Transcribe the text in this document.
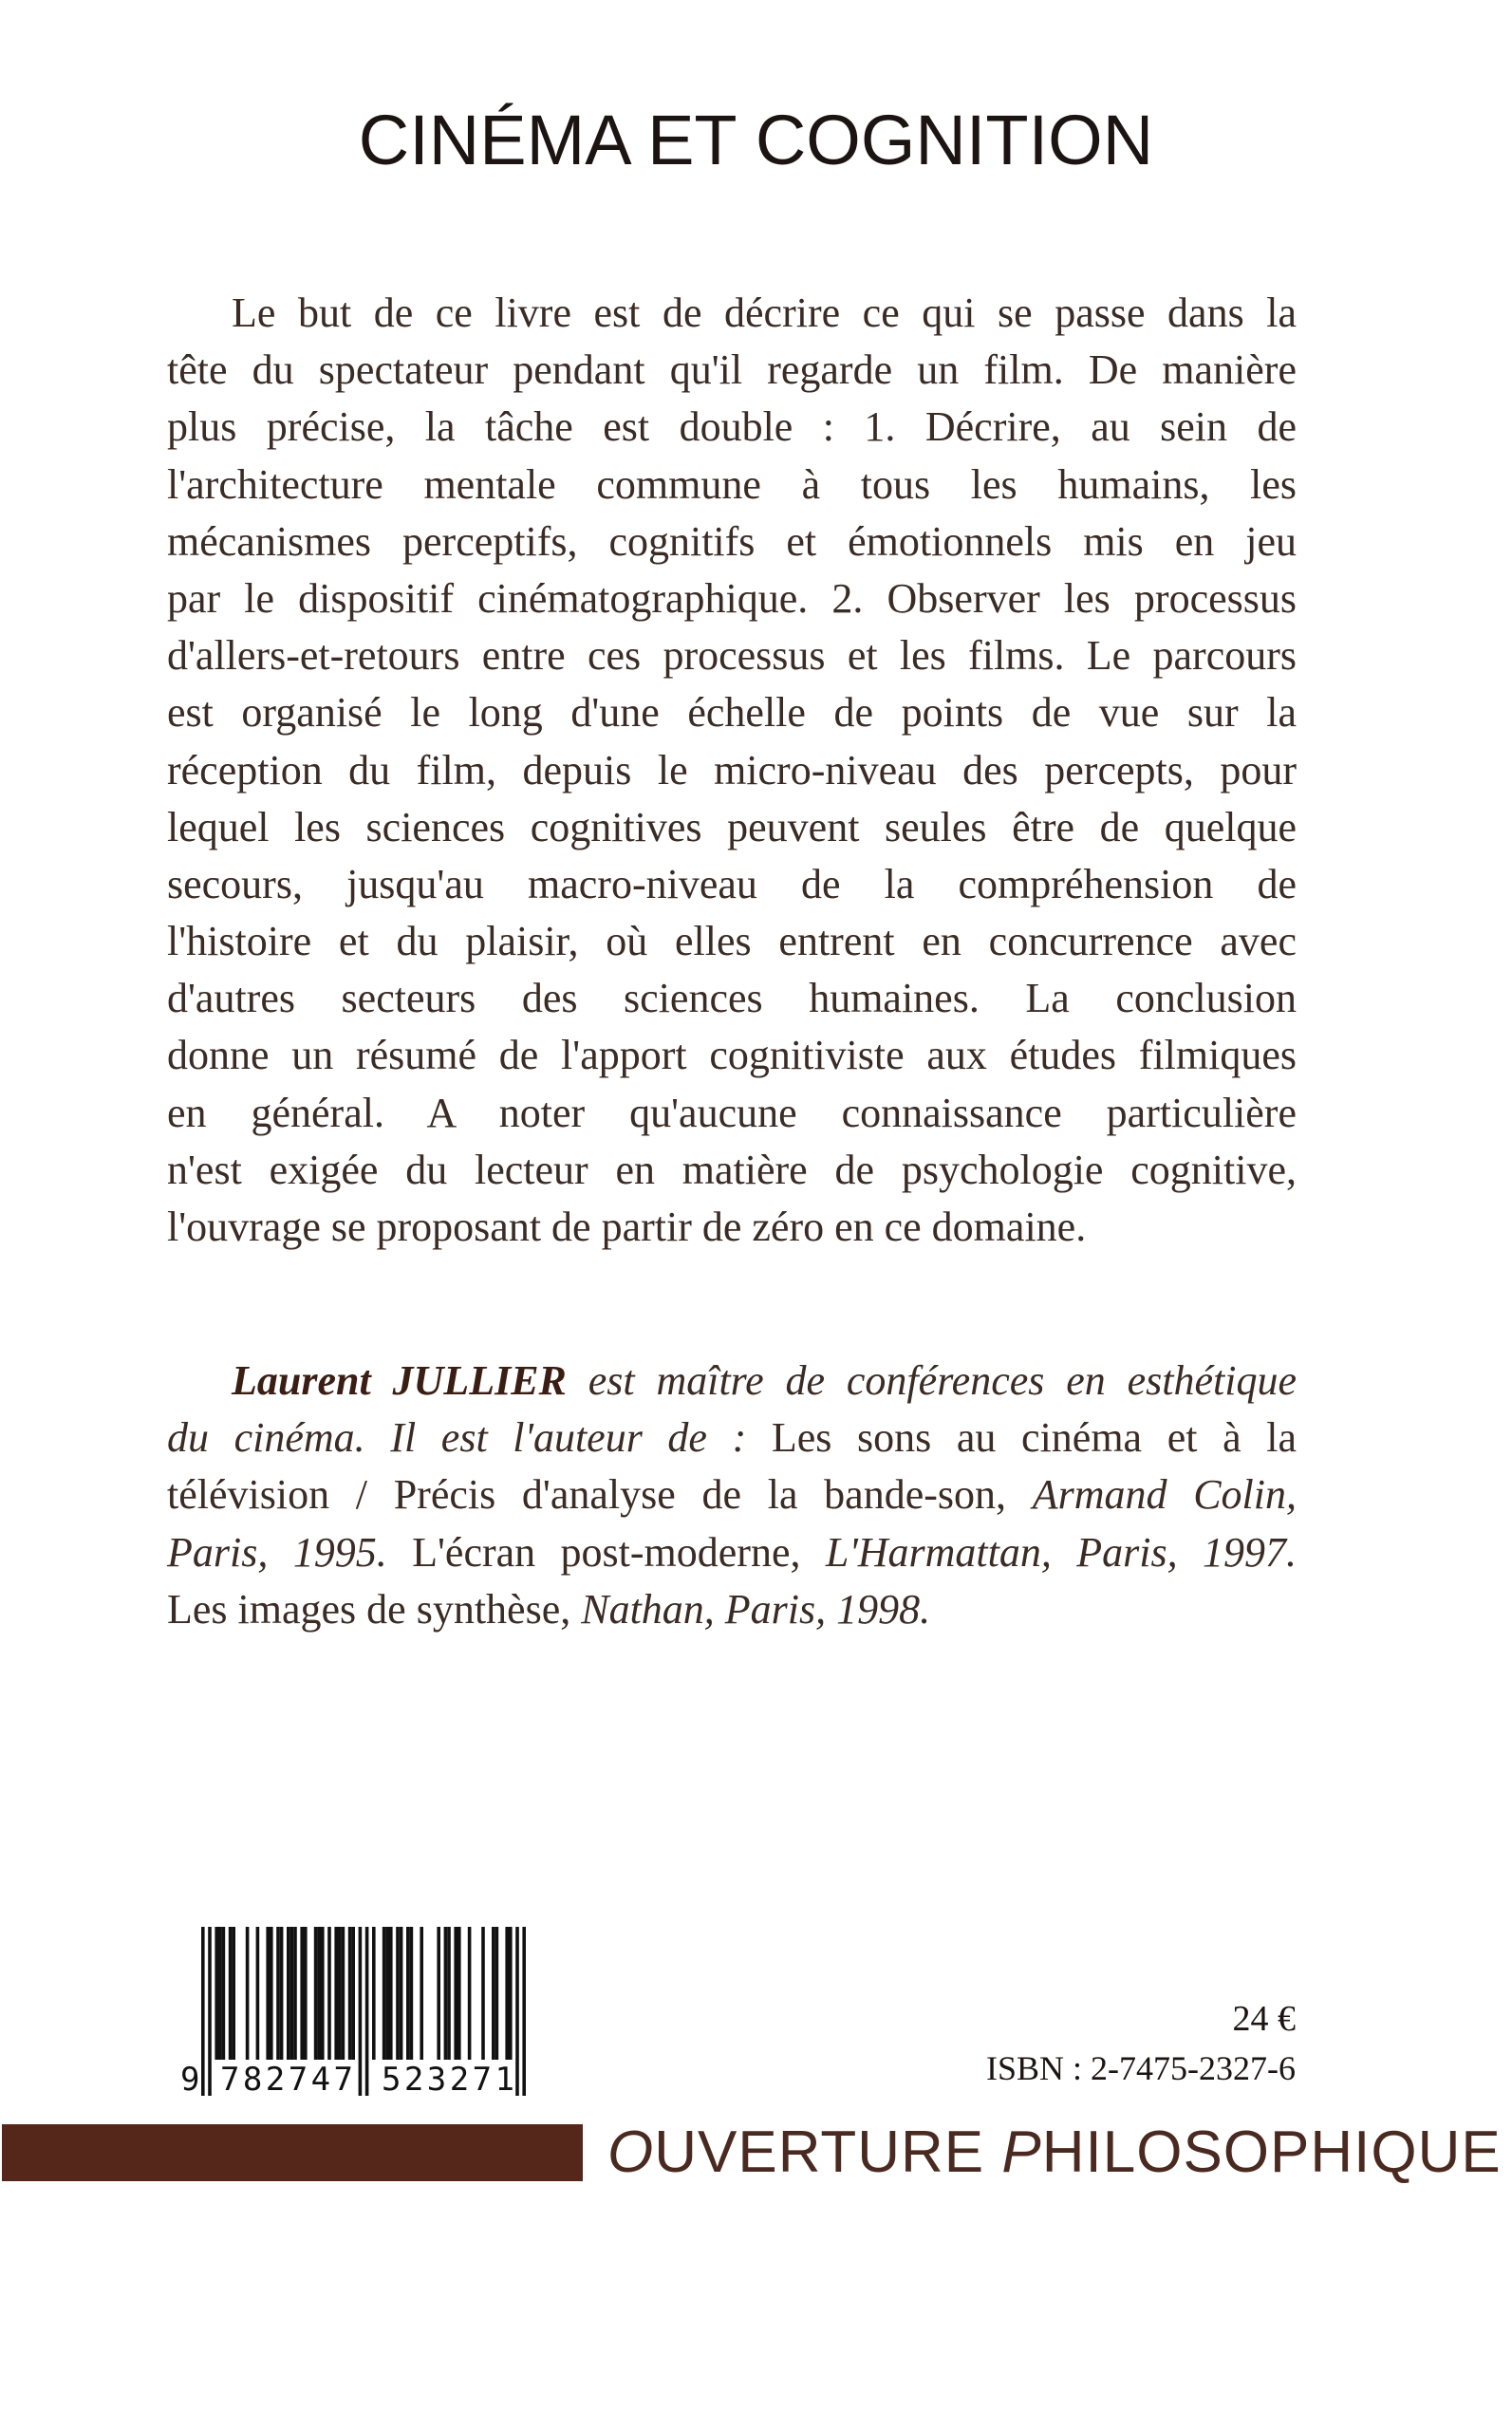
CINÉMA ET COGNITION
Le but de ce livre est de décrire ce qui se passe dans la
tête du spectateur pendant qu'il regarde un film. De manière
plus précise, la tâche est double : 1. Décrire, au sein de
l'architecture mentale commune à tous les humains, les
mécanismes perceptifs, cognitifs et émotionnels mis en jeu
par le dispositif cinématographique. 2. Observer les processus
d'allers-et-retours entre ces processus et les films. Le parcours
est organisé le long d'une échelle de points de vue sur la
réception du film, depuis le micro-niveau des percepts, pour
lequel les sciences cognitives peuvent seules être de quelque
secours, jusqu'au macro-niveau de la compréhension de
l'histoire et du plaisir, où elles entrent en concurrence avec
d'autres secteurs des sciences humaines. La conclusion
donne un résumé de l'apport cognitiviste aux études filmiques
en général. A noter qu'aucune connaissance particulière
n'est exigée du lecteur en matière de psychologie cognitive,
l'ouvrage se proposant de partir de zéro en ce domaine.
Laurent JULLIER est maître de conférences en esthétique
du cinéma. Il est l'auteur de : Les sons au cinéma et à la
télévision / Précis d'analyse de la bande-son, Armand Colin,
Paris, 1995. L'écran post-moderne, L'Harmattan, Paris, 1997.
Les images de synthèse, Nathan, Paris, 1998.
9 782747 523271
24 €
ISBN : 2-7475-2327-6
OUVERTURE PHILOSOPHIQUE
